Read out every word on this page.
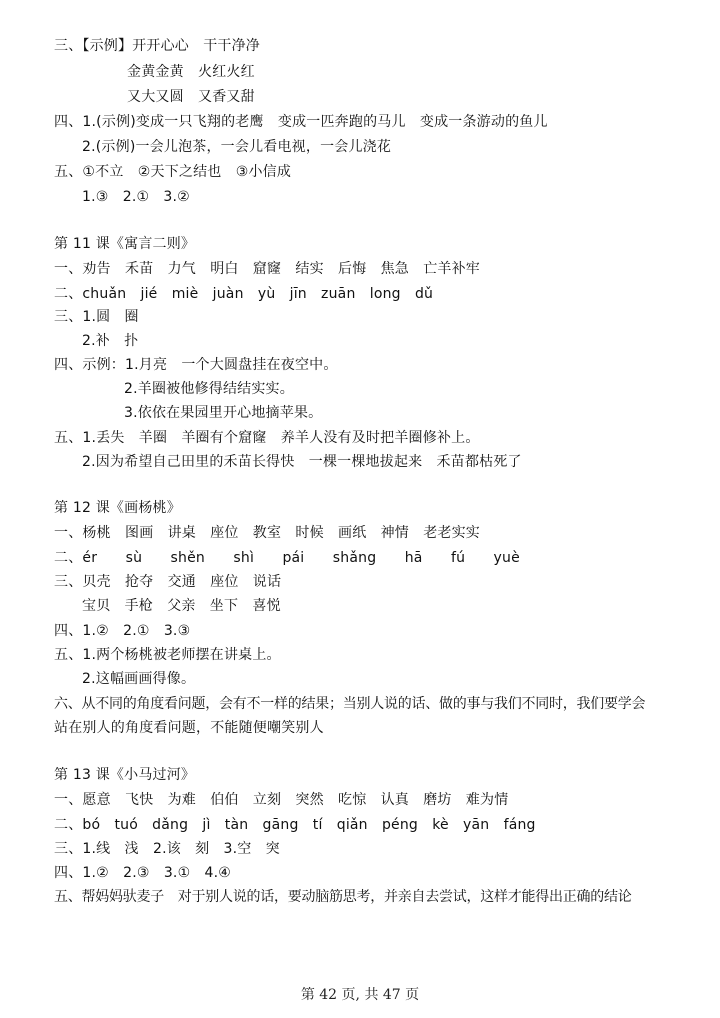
三、【示例】开开心心　干干净净
金黄金黄　火红火红
又大又圆　又香又甜
四、1.(示例)变成一只飞翔的老鹰　变成一匹奔跑的马儿　变成一条游动的鱼儿
2.(示例)一会儿泡茶，一会儿看电视，一会儿浇花
五、①不立　②天下之结也　③小信成
1.③　2.①　3.②
第 11 课《寓言二则》
一、劝告　禾苗　力气　明白　窟窿　结实　后悔　焦急　亡羊补牢
二、chuǎn　jié　miè　juàn　yù　jīn　zuān　long　dǔ
三、1.圆　圈
2.补　扑
四、示例：1.月亮　一个大圆盘挂在夜空中。
2.羊圈被他修得结结实实。
3.依依在果园里开心地摘苹果。
五、1.丢失　羊圈　羊圈有个窟窿　养羊人没有及时把羊圈修补上。
2.因为希望自己田里的禾苗长得快　一棵一棵地拔起来　禾苗都枯死了
第 12 课《画杨桃》
一、杨桃　图画　讲桌　座位　教室　时候　画纸　神情　老老实实
二、ér　　sù　　shěn　　shì　　pái　　shǎng　　hā　　fú　　yuè
三、贝壳　抢夺　交通　座位　说话
宝贝　手枪　父亲　坐下　喜悦
四、1.②　2.①　3.③
五、1.两个杨桃被老师摆在讲桌上。
2.这幅画画得像。
六、从不同的角度看问题，会有不一样的结果；当别人说的话、做的事与我们不同时，我们要学会
站在别人的角度看问题，不能随便嘲笑别人
第 13 课《小马过河》
一、愿意　飞快　为难　伯伯　立刻　突然　吃惊　认真　磨坊　难为情
二、bó　tuó　dǎng　jì　tàn　gāng　tí　qiǎn　péng　kè　yān　fáng
三、1.线　浅　2.该　刻　3.空　突
四、1.②　2.③　3.①　4.④
五、帮妈妈驮麦子　对于别人说的话，要动脑筋思考，并亲自去尝试，这样才能得出正确的结论
第 42 页, 共 47 页
